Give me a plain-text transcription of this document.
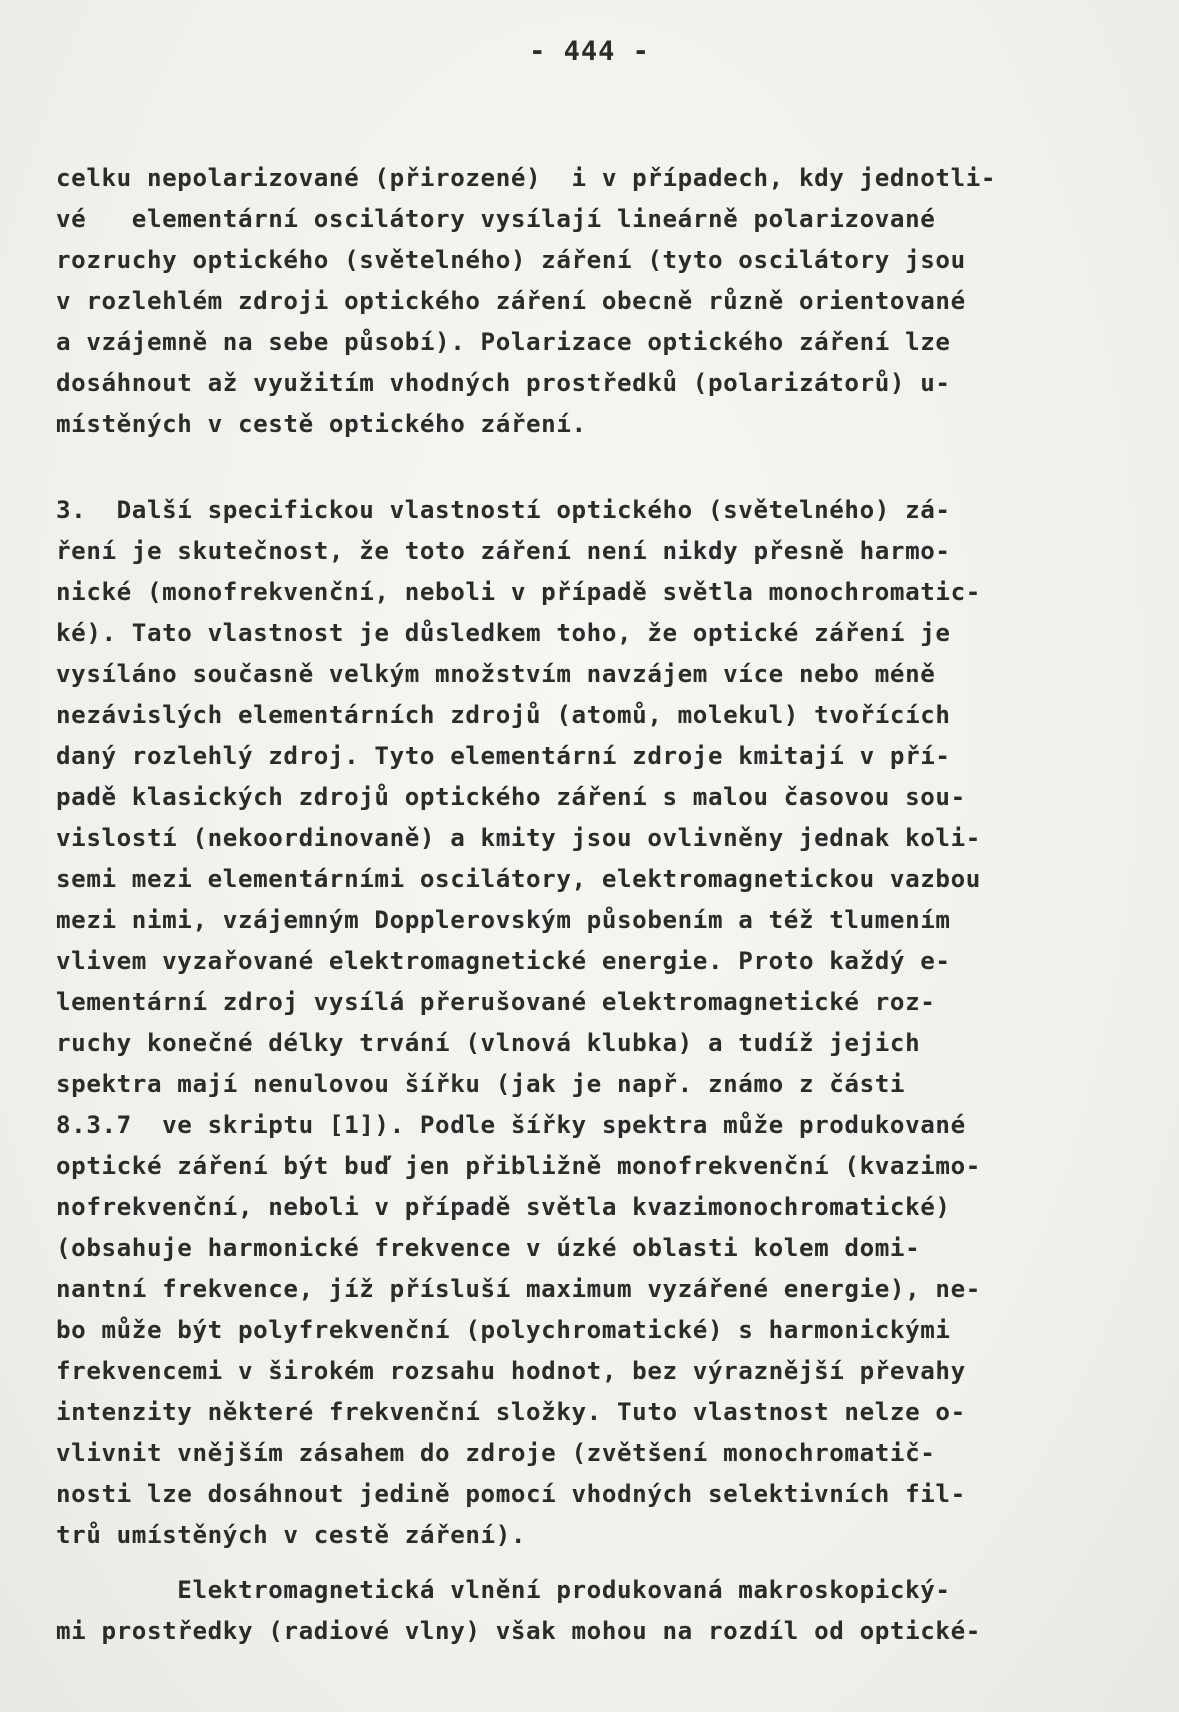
- 444 -
celku nepolarizované (přirozené)  i v případech, kdy jednotli-
vé   elementární oscilátory vysílají lineárně polarizované
rozruchy optického (světelného) záření (tyto oscilátory jsou
v rozlehlém zdroji optického záření obecně různě orientované
a vzájemně na sebe působí). Polarizace optického záření lze
dosáhnout až využitím vhodných prostředků (polarizátorů) u-
místěných v cestě optického záření.
3.  Další specifickou vlastností optického (světelného) zá-
ření je skutečnost, že toto záření není nikdy přesně harmo-
nické (monofrekvenční, neboli v případě světla monochromatic-
ké). Tato vlastnost je důsledkem toho, že optické záření je
vysíláno současně velkým množstvím navzájem více nebo méně
nezávislých elementárních zdrojů (atomů, molekul) tvořících
daný rozlehlý zdroj. Tyto elementární zdroje kmitají v pří-
padě klasických zdrojů optického záření s malou časovou sou-
vislostí (nekoordinovaně) a kmity jsou ovlivněny jednak koli-
semi mezi elementárními oscilátory, elektromagnetickou vazbou
mezi nimi, vzájemným Dopplerovským působením a též tlumením
vlivem vyzařované elektromagnetické energie. Proto každý e-
lementární zdroj vysílá přerušované elektromagnetické roz-
ruchy konečné délky trvání (vlnová klubka) a tudíž jejich
spektra mají nenulovou šířku (jak je např. známo z části
8.3.7  ve skriptu [1]). Podle šířky spektra může produkované
optické záření být buď jen přibližně monofrekvenční (kvazimo-
nofrekvenční, neboli v případě světla kvazimonochromatické)
(obsahuje harmonické frekvence v úzké oblasti kolem domi-
nantní frekvence, jíž přísluší maximum vyzářené energie), ne-
bo může být polyfrekvenční (polychromatické) s harmonickými
frekvencemi v širokém rozsahu hodnot, bez výraznější převahy
intenzity některé frekvenční složky. Tuto vlastnost nelze o-
vlivnit vnějším zásahem do zdroje (zvětšení monochromatič-
nosti lze dosáhnout jedině pomocí vhodných selektivních fil-
trů umístěných v cestě záření).
Elektromagnetická vlnění produkovaná makroskopický-
mi prostředky (radiové vlny) však mohou na rozdíl od optické-
